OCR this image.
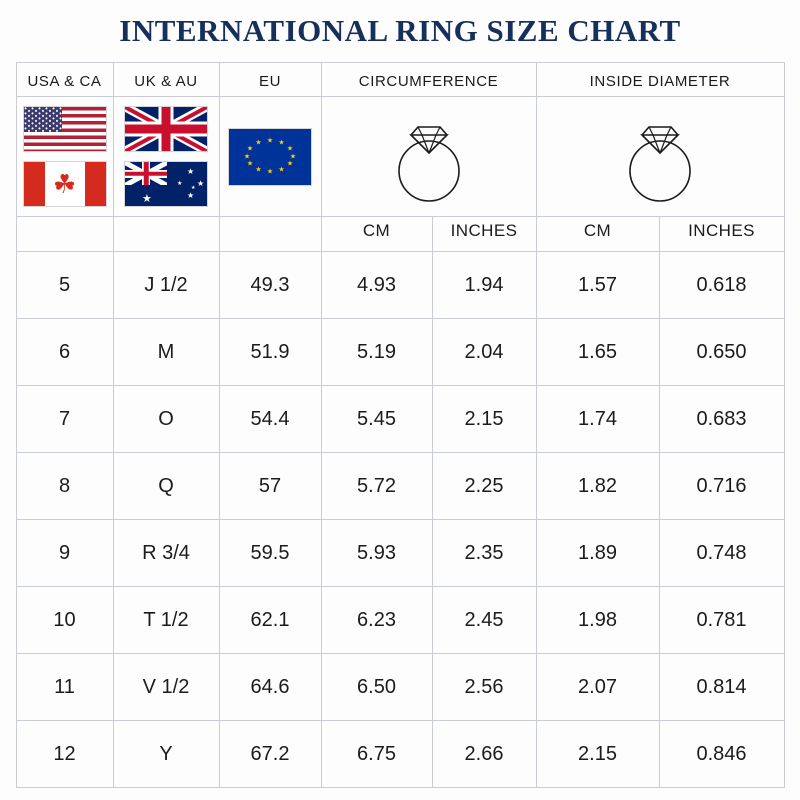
INTERNATIONAL RING SIZE CHART
USA & CA	UK & AU	EU	CIRCUMFERENCE		INSIDE DIAMETER	

☘	★
★
★
★
★
★

★ ★
★
★
★
★
★
★
★
★
★
★

			CM	INCHES	CM	INCHES
5	J 1/2	49.3	4.93	1.94	1.57	0.618
6	M	51.9	5.19	2.04	1.65	0.650
7	O	54.4	5.45	2.15	1.74	0.683
8	Q	57	5.72	2.25	1.82	0.716
9	R 3/4	59.5	5.93	2.35	1.89	0.748
10	T 1/2	62.1	6.23	2.45	1.98	0.781
11	V 1/2	64.6	6.50	2.56	2.07	0.814
12	Y	67.2	6.75	2.66	2.15	0.846
